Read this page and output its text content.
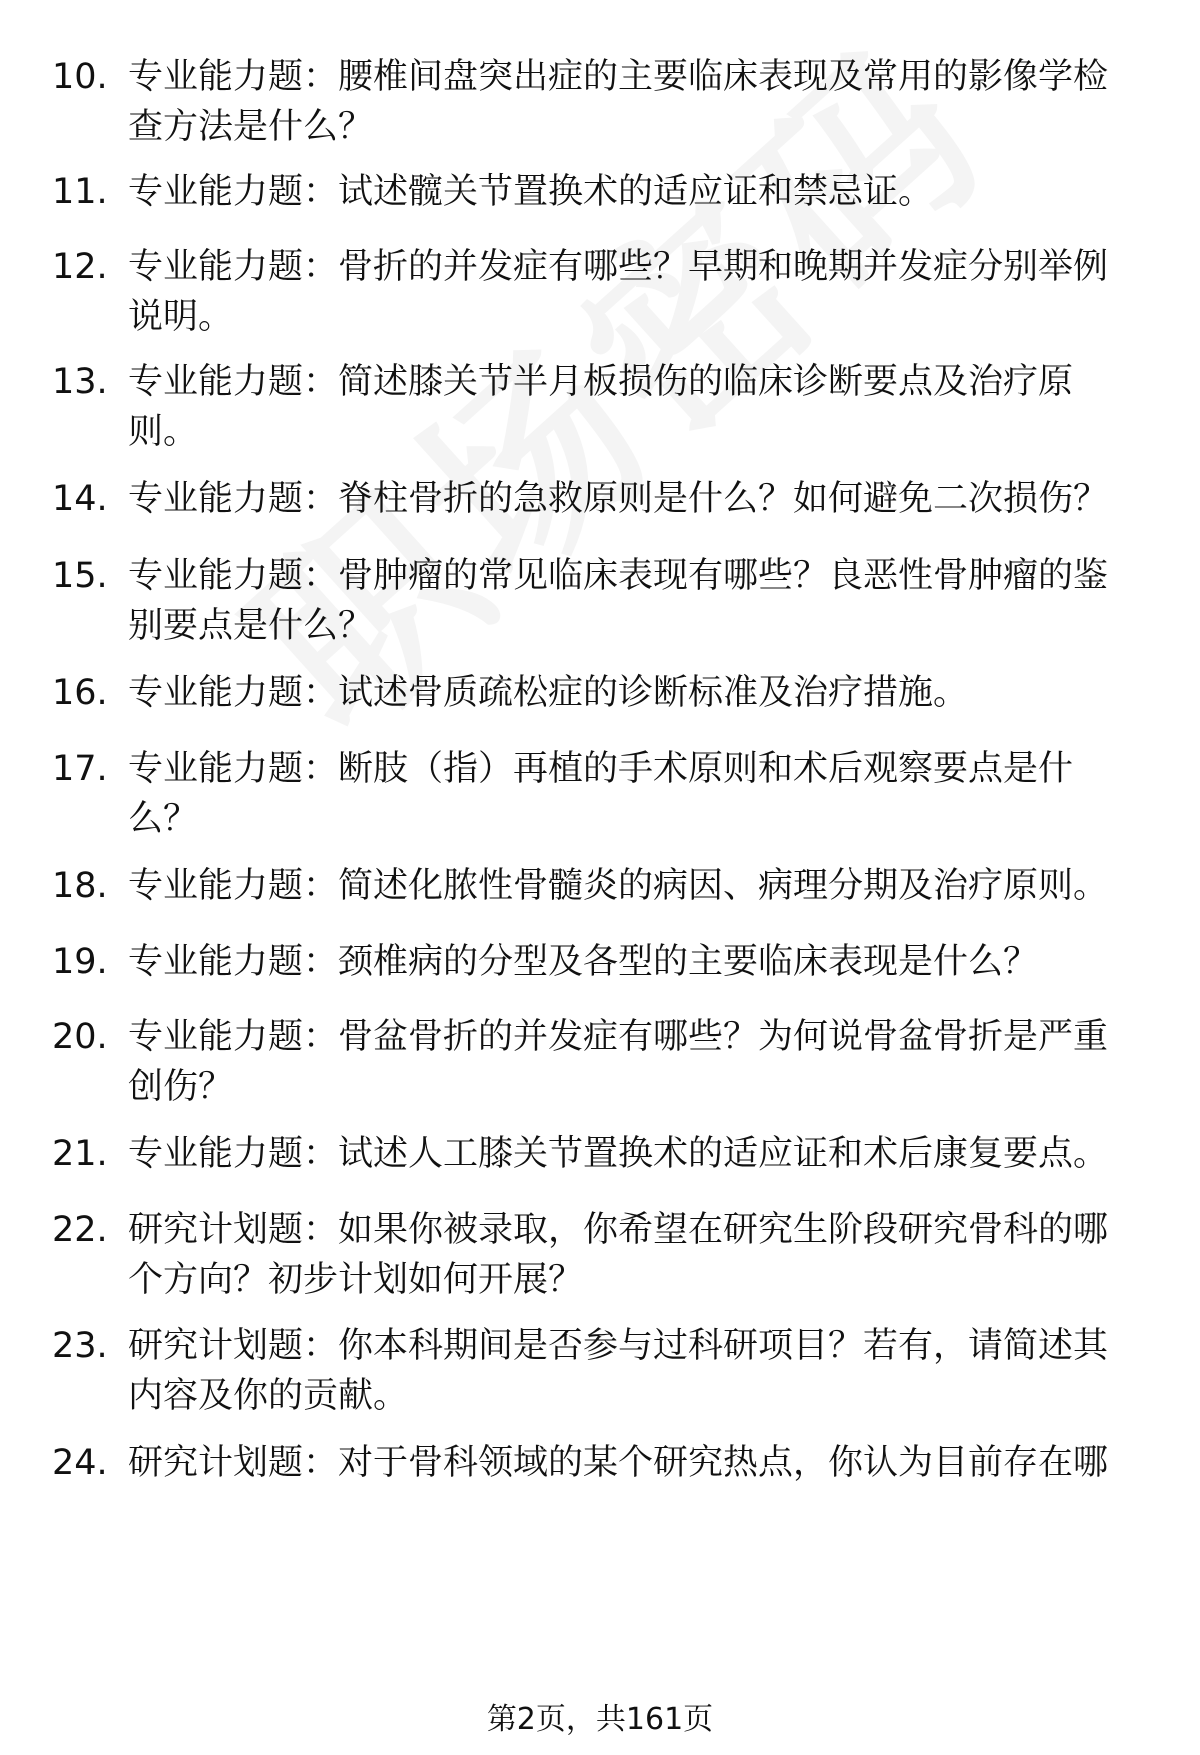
10. 专业能力题：腰椎间盘突出症的主要临床表现及常用的影像学检查方法是什么？
11. 专业能力题：试述髋关节置换术的适应证和禁忌证。
12. 专业能力题：骨折的并发症有哪些？早期和晚期并发症分别举例说明。
13. 专业能力题：简述膝关节半月板损伤的临床诊断要点及治疗原则。
14. 专业能力题：脊柱骨折的急救原则是什么？如何避免二次损伤？
15. 专业能力题：骨肿瘤的常见临床表现有哪些？良恶性骨肿瘤的鉴别要点是什么？
16. 专业能力题：试述骨质疏松症的诊断标准及治疗措施。
17. 专业能力题：断肢（指）再植的手术原则和术后观察要点是什么？
18. 专业能力题：简述化脓性骨髓炎的病因、病理分期及治疗原则。
19. 专业能力题：颈椎病的分型及各型的主要临床表现是什么？
20. 专业能力题：骨盆骨折的并发症有哪些？为何说骨盆骨折是严重创伤？
21. 专业能力题：试述人工膝关节置换术的适应证和术后康复要点。
22. 研究计划题：如果你被录取，你希望在研究生阶段研究骨科的哪个方向？初步计划如何开展？
23. 研究计划题：你本科期间是否参与过科研项目？若有，请简述其内容及你的贡献。
24. 研究计划题：对于骨科领域的某个研究热点，你认为目前存在哪
第2页，共161页
